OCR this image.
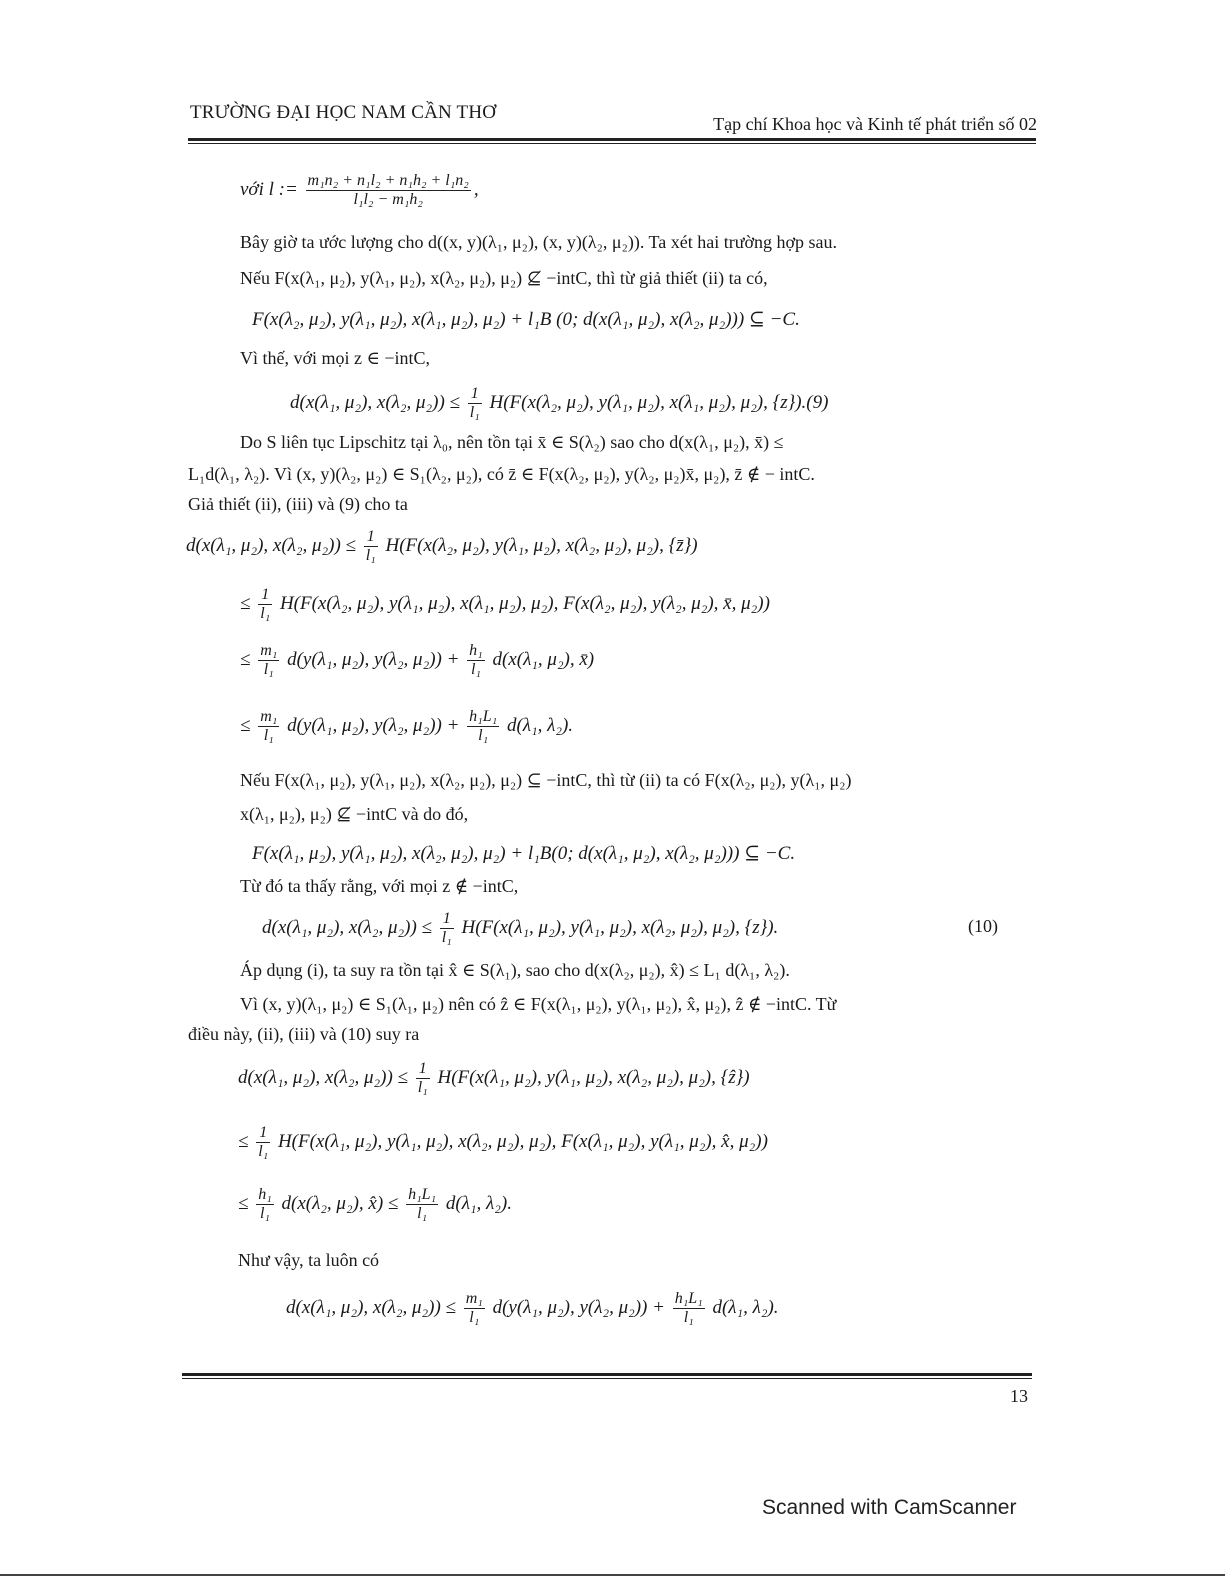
TRƯỜNG ĐẠI HỌC NAM CẦN THƠ
Tạp chí Khoa học và Kinh tế phát triển số 02
với l := $\frac{\text{m₁n₂ + n₁l₂ + n₁h₂ + l₁n₂}}{\text{l₁l₂ − m₁h₂}}$ ,
Bây giờ ta ước lượng cho d((x, y)(λ₁, μ₂), (x, y)(λ₂, μ₂)). Ta xét hai trường hợp sau.
Nếu F(x(λ₁, μ₂), y(λ₁, μ₂), x(λ₂, μ₂), μ₂) ⊈ −intC, thì từ giả thiết (ii) ta có,
F(x(λ₂, μ₂), y(λ₁, μ₂), x(λ₁, μ₂), μ₂) + l₁B (0; d(x(λ₁, μ₂), x(λ₂, μ₂))) ⊆ −C.
Vì thế, với mọi z ∈ −intC,
d(x(λ₁, μ₂), x(λ₂, $\mu_2)) \le \frac{1}{\text{l₁}} H(F(x(\lambda_2$, μ₂), y(λ₁, μ₂), x(λ₁, μ₂), μ₂), {z}).(9)
Do S liên tục Lipschitz tại λ₀, nên tồn tại x̄ ∈ S(λ₂) sao cho d(x(λ₁, μ₂), x̄) ≤
L₁d(λ₁, λ₂). Vì (x, y)(λ₂, μ₂) ∈ S₁(λ₂, μ₂), có z̄ ∈ F(x(λ₂, μ₂), y(λ₂, μ₂)x̄, μ₂), z̄ ∉ − intC.
Giả thiết (ii), (iii) và (9) cho ta
d(x(λ₁, μ₂), x(λ₂, $\mu_2)) \le \frac{1}{\text{l₁}} H(F(x(\lambda_2$, μ₂), y(λ₁, μ₂), x(λ₂, μ₂), μ₂), {z̄})
≤ $\frac{1}{\text{l₁}} H(F(x(\lambda_2$, μ₂), y(λ₁, μ₂), x(λ₁, μ₂), μ₂), F(x(λ₂, μ₂), y(λ₂, μ₂), x̄, μ₂))
≤ $\frac{\text{m₁}}{\text{l₁}} d(y(\lambda_1$, μ₂), y(λ₂, $\mu_2)) + \frac{\text{h₁}}{\text{l₁}} d(x(\lambda_1$, μ₂), x̄)
≤ $\frac{\text{m₁}}{\text{l₁}} d(y(\lambda_1$, μ₂), y(λ₂, $\mu_2)) + \frac{\text{h₁L₁}}{\text{l₁}} d(\lambda_1$, λ₂).
Nếu F(x(λ₁, μ₂), y(λ₁, μ₂), x(λ₂, μ₂), μ₂) ⊆ −intC, thì từ (ii) ta có F(x(λ₂, μ₂), y(λ₁, μ₂)
x(λ₁, μ₂), μ₂) ⊈ −intC và do đó,
F(x(λ₁, μ₂), y(λ₁, μ₂), x(λ₂, μ₂), μ₂) + l₁B(0; d(x(λ₁, μ₂), x(λ₂, μ₂))) ⊆ −C.
Từ đó ta thấy rằng, với mọi z ∉ −intC,
d(x(λ₁, μ₂), x(λ₂, $\mu_2)) \le \frac{1}{\text{l₁}} H(F(x(\lambda_1$, μ₂), y(λ₁, μ₂), x(λ₂, μ₂), μ₂), {z}).	(10)
Áp dụng (i), ta suy ra tồn tại x̂ ∈ S(λ₁), sao cho d(x(λ₂, μ₂), x̂) ≤ L₁ d(λ₁, λ₂).
Vì (x, y)(λ₁, μ₂) ∈ S₁(λ₁, μ₂) nên có ẑ ∈ F(x(λ₁, μ₂), y(λ₁, μ₂), x̂, μ₂), ẑ ∉ −intC. Từ
điều này, (ii), (iii) và (10) suy ra
d(x(λ₁, μ₂), x(λ₂, $\mu_2)) \le \frac{1}{\text{l₁}} H(F(x(\lambda_1$, μ₂), y(λ₁, μ₂), x(λ₂, μ₂), μ₂), {ẑ})
≤ $\frac{1}{\text{l₁}} H(F(x(\lambda_1$, μ₂), y(λ₁, μ₂), x(λ₂, μ₂), μ₂), F(x(λ₁, μ₂), y(λ₁, μ₂), x̂, μ₂))
≤ $\frac{\text{h₁}}{\text{l₁}} d(x(\lambda_2$, μ₂), x̂) ≤ $\frac{\text{h₁L₁}}{\text{l₁}} d(\lambda_1$, λ₂).
Như vậy, ta luôn có
d(x(λ₁, μ₂), x(λ₂, $\mu_2)) \le \frac{\text{m₁}}{\text{l₁}} d(y(\lambda_1$, μ₂), y(λ₂, $\mu_2)) + \frac{\text{h₁L₁}}{\text{l₁}} d(\lambda_1$, λ₂).
13
Scanned with CamScanner
